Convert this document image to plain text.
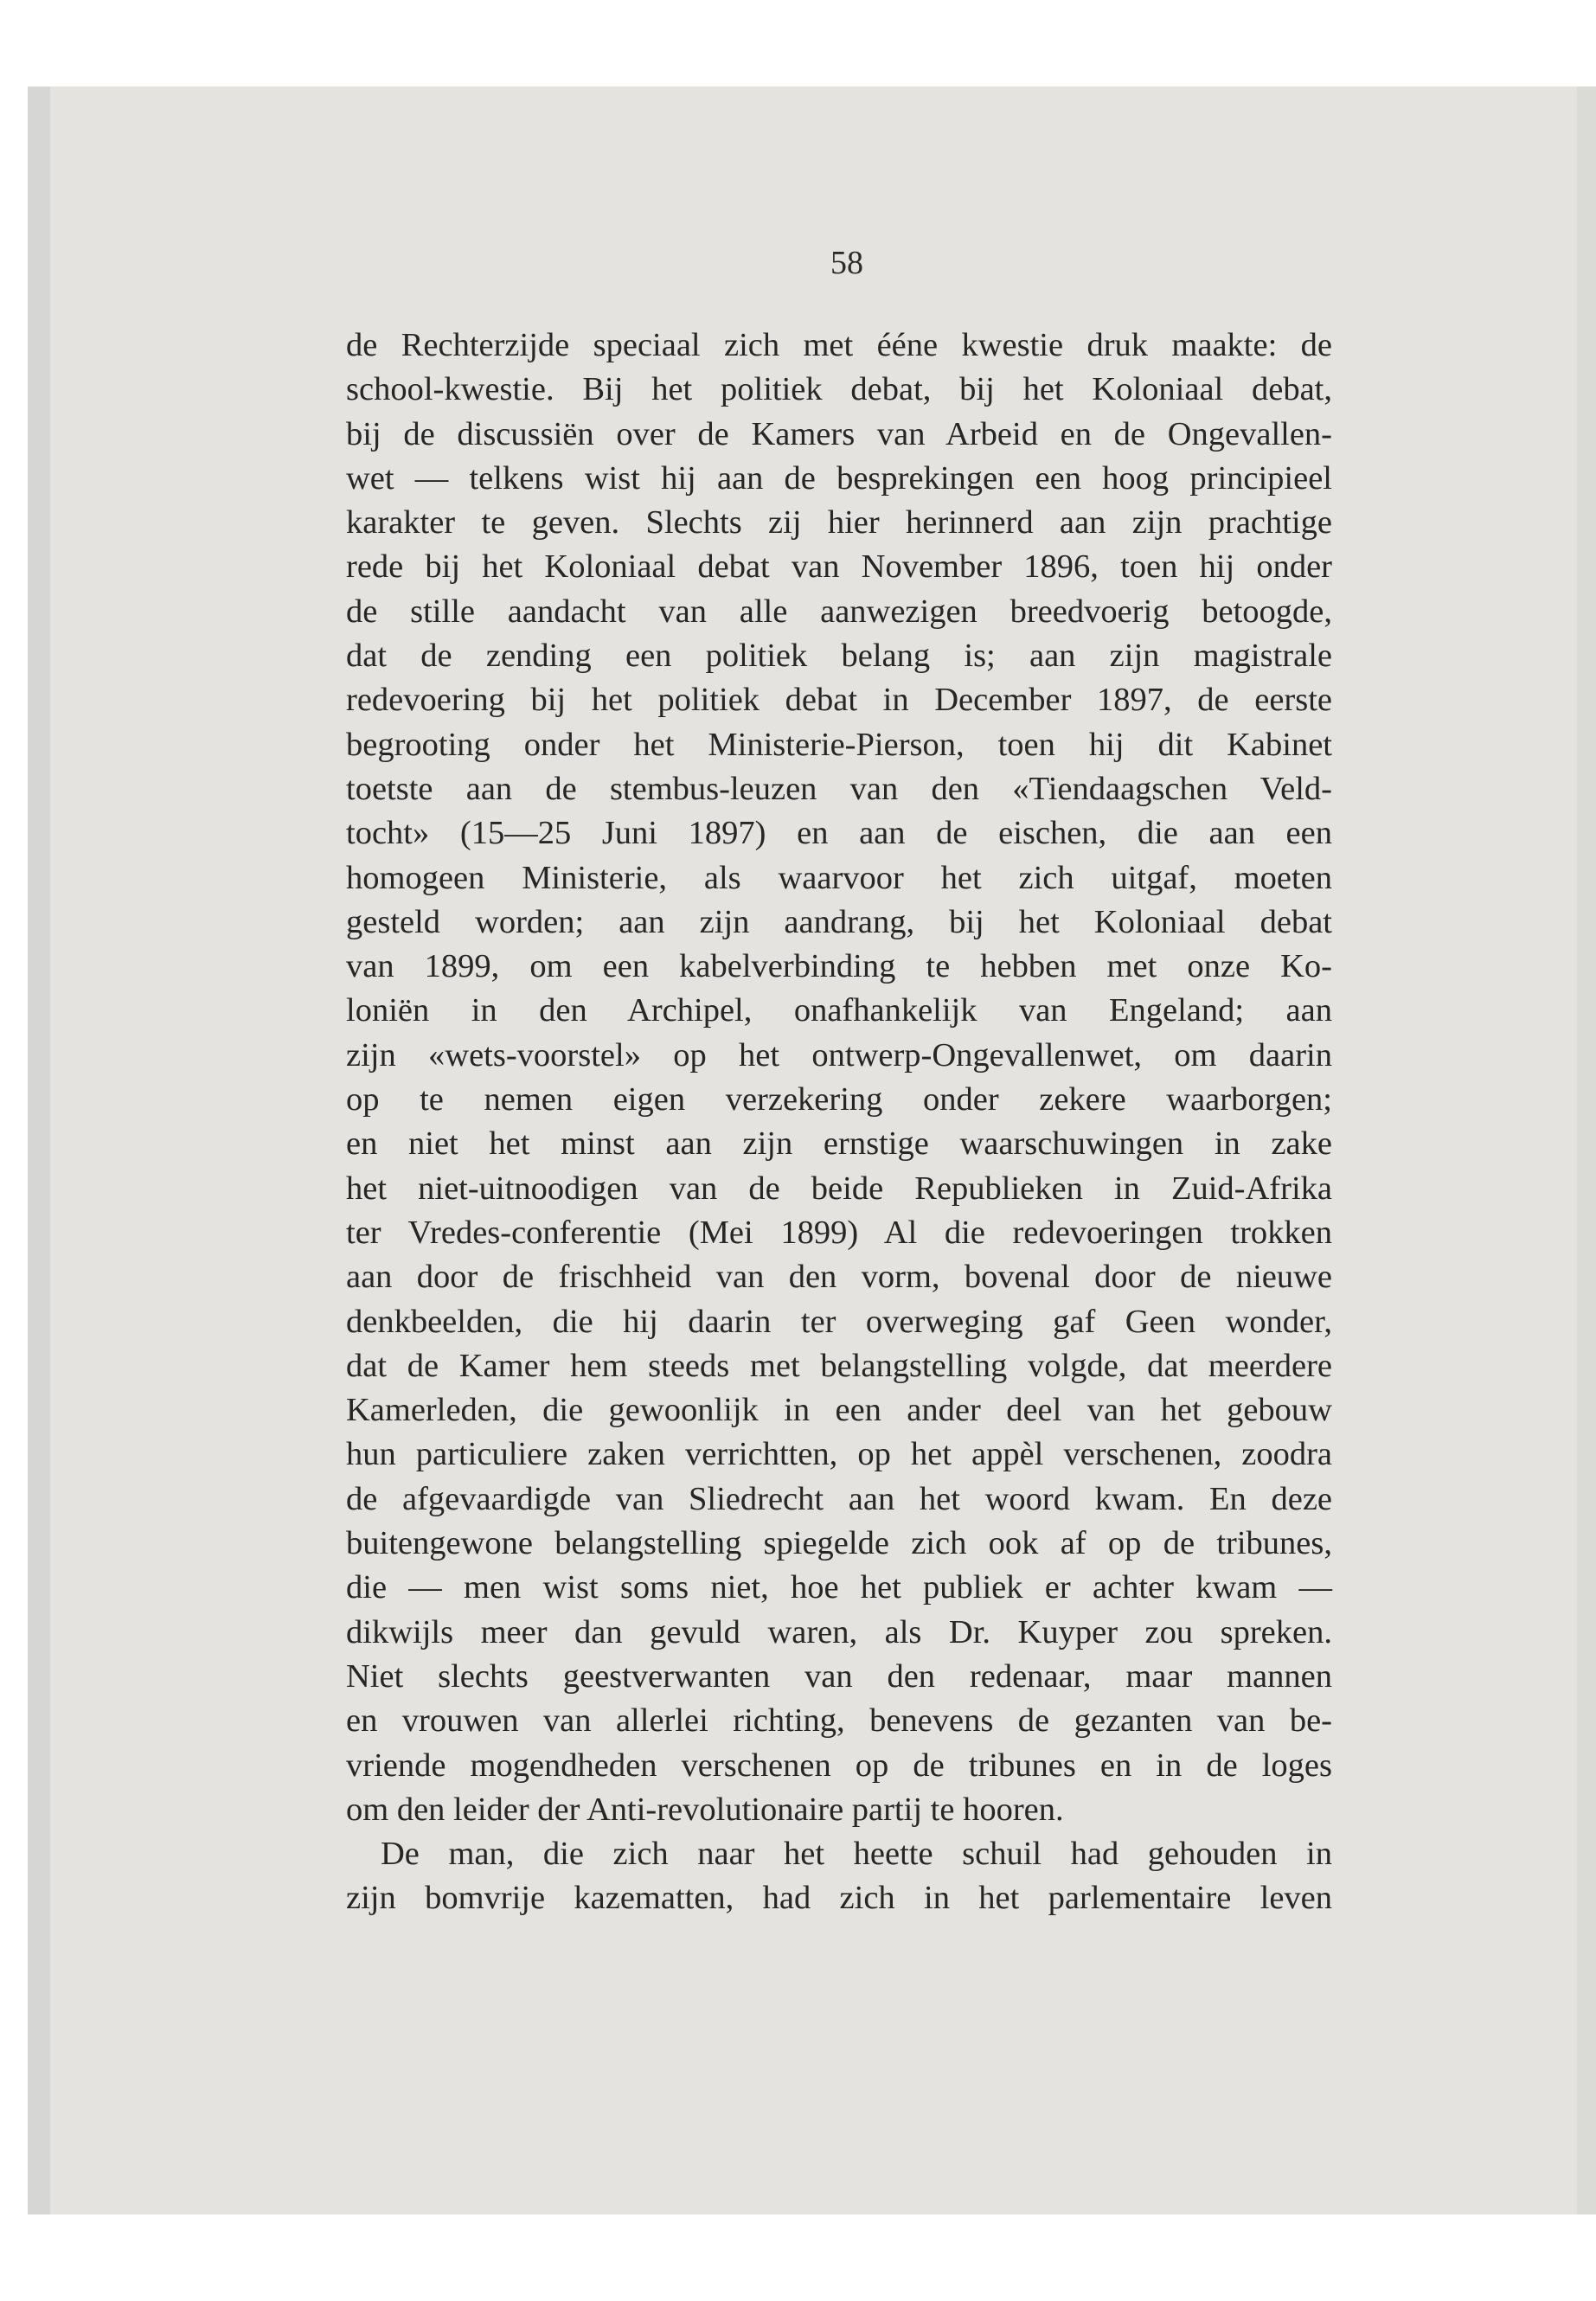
58
de Rechterzijde speciaal zich met ééne kwestie druk maakte: de
school-kwestie. Bij het politiek debat, bij het Koloniaal debat,
bij de discussiën over de Kamers van Arbeid en de Ongevallen-
wet — telkens wist hij aan de besprekingen een hoog principieel
karakter te geven. Slechts zij hier herinnerd aan zijn prachtige
rede bij het Koloniaal debat van November 1896, toen hij onder
de stille aandacht van alle aanwezigen breedvoerig betoogde,
dat de zending een politiek belang is; aan zijn magistrale
redevoering bij het politiek debat in December 1897, de eerste
begrooting onder het Ministerie-Pierson, toen hij dit Kabinet
toetste aan de stembus-leuzen van den «Tiendaagschen Veld-
tocht» (15—25 Juni 1897) en aan de eischen, die aan een
homogeen Ministerie, als waarvoor het zich uitgaf, moeten
gesteld worden; aan zijn aandrang, bij het Koloniaal debat
van 1899, om een kabelverbinding te hebben met onze Ko-
loniën in den Archipel, onafhankelijk van Engeland; aan
zijn «wets-voorstel» op het ontwerp-Ongevallenwet, om daarin
op te nemen eigen verzekering onder zekere waarborgen;
en niet het minst aan zijn ernstige waarschuwingen in zake
het niet-uitnoodigen van de beide Republieken in Zuid-Afrika
ter Vredes-conferentie (Mei 1899) Al die redevoeringen trokken
aan door de frischheid van den vorm, bovenal door de nieuwe
denkbeelden, die hij daarin ter overweging gaf Geen wonder,
dat de Kamer hem steeds met belangstelling volgde, dat meerdere
Kamerleden, die gewoonlijk in een ander deel van het gebouw
hun particuliere zaken verrichtten, op het appèl verschenen, zoodra
de afgevaardigde van Sliedrecht aan het woord kwam. En deze
buitengewone belangstelling spiegelde zich ook af op de tribunes,
die — men wist soms niet, hoe het publiek er achter kwam —
dikwijls meer dan gevuld waren, als Dr. Kuyper zou spreken.
Niet slechts geestverwanten van den redenaar, maar mannen
en vrouwen van allerlei richting, benevens de gezanten van be-
vriende mogendheden verschenen op de tribunes en in de loges
om den leider der Anti-revolutionaire partij te hooren.
De man, die zich naar het heette schuil had gehouden in
zijn bomvrije kazematten, had zich in het parlementaire leven
